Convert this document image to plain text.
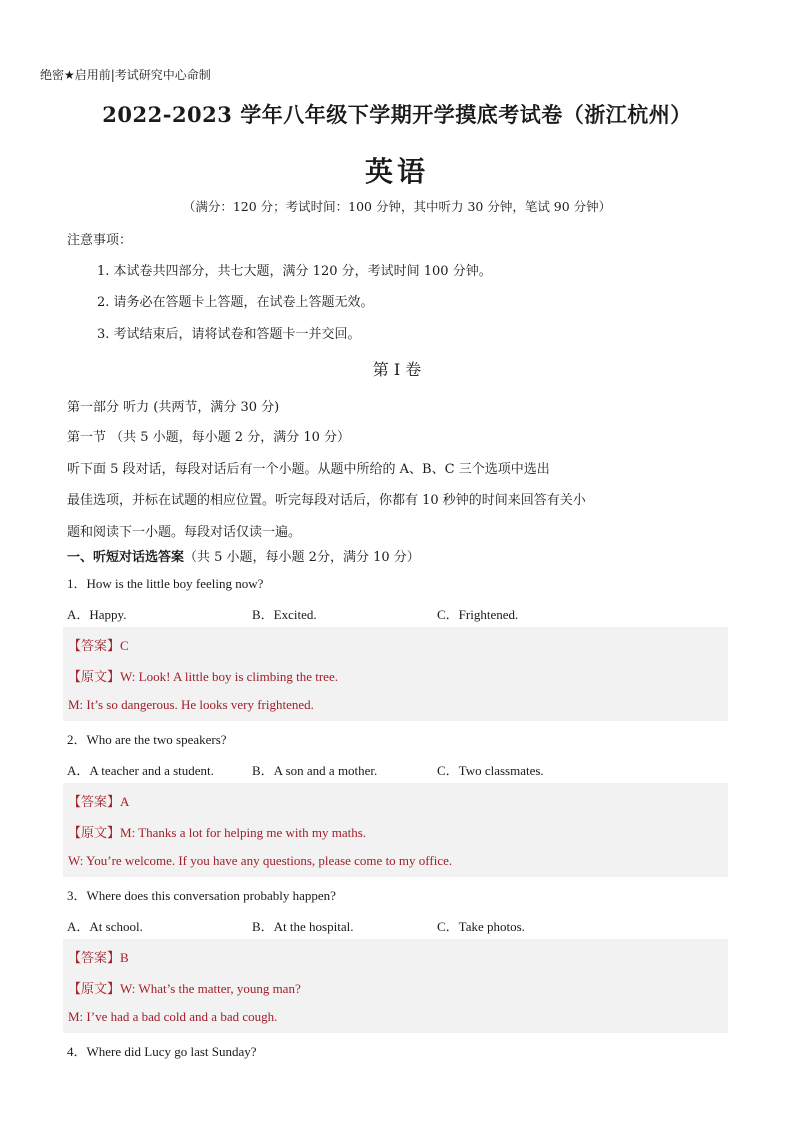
绝密★启用前|考试研究中心命制
2022-2023 学年八年级下学期开学摸底考试卷（浙江杭州）
英语
（满分：120 分；考试时间：100 分钟，其中听力 30 分钟，笔试 90 分钟）
注意事项：
1. 本试卷共四部分，共七大题，满分 120 分，考试时间 100 分钟。
2. 请务必在答题卡上答题，在试卷上答题无效。
3. 考试结束后，请将试卷和答题卡一并交回。
第 I 卷
第一部分 听力 (共两节，满分 30 分)
第一节 （共 5 小题，每小题 2 分，满分 10 分）
听下面 5 段对话，每段对话后有一个小题。从题中所给的 A、B、C 三个选项中选出
最佳选项，并标在试题的相应位置。听完每段对话后，你都有 10 秒钟的时间来回答有关小
题和阅读下一小题。每段对话仅读一遍。
一、听短对话选答案（共 5 小题，每小题 2分，满分 10 分）
1．How is the little boy feeling now?
A．Happy.	B．Excited.	C．Frightened.
【答案】C
【原文】W: Look! A little boy is climbing the tree.
M: It’s so dangerous. He looks very frightened.
2．Who are the two speakers?
A．A teacher and a student.	B．A son and a mother.	C．Two classmates.
【答案】A
【原文】M: Thanks a lot for helping me with my maths.
W: You’re welcome. If you have any questions, please come to my office.
3．Where does this conversation probably happen?
A．At school.	B．At the hospital.	C．Take photos.
【答案】B
【原文】W: What’s the matter, young man?
M: I’ve had a bad cold and a bad cough.
4．Where did Lucy go last Sunday?
